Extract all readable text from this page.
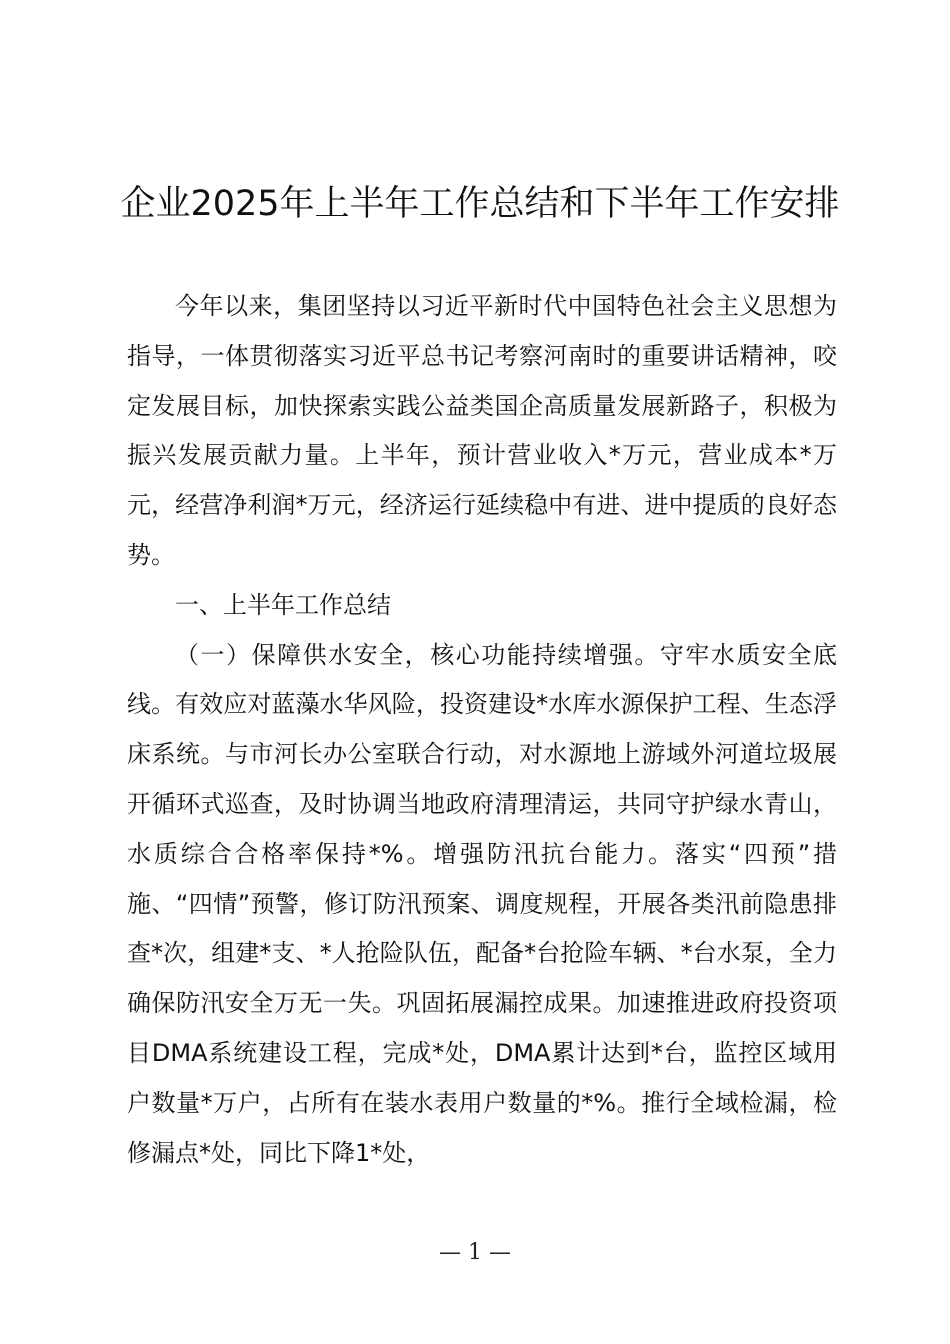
企业2025年上半年工作总结和下半年工作安排

今年以来，集团坚持以习近平新时代中国特色社会主义思想为指导，一体贯彻落实习近平总书记考察河南时的重要讲话精神，咬定发展目标，加快探索实践公益类国企高质量发展新路子，积极为振兴发展贡献力量。上半年，预计营业收入*万元，营业成本*万元，经营净利润*万元，经济运行延续稳中有进、进中提质的良好态势。

一、上半年工作总结

（一）保障供水安全，核心功能持续增强。守牢水质安全底线。有效应对蓝藻水华风险，投资建设*水库水源保护工程、生态浮床系统。与市河长办公室联合行动，对水源地上游域外河道垃圾展开循环式巡查，及时协调当地政府清理清运，共同守护绿水青山，水质综合合格率保持*%。增强防汛抗台能力。落实“四预”措施、“四情”预警，修订防汛预案、调度规程，开展各类汛前隐患排查*次，组建*支、*人抢险队伍，配备*台抢险车辆、*台水泵，全力确保防汛安全万无一失。巩固拓展漏控成果。加速推进政府投资项目DMA系统建设工程，完成*处，DMA累计达到*台，监控区域用户数量*万户，占所有在装水表用户数量的*%。推行全域检漏，检修漏点*处，同比下降1*处，

— 1 —
